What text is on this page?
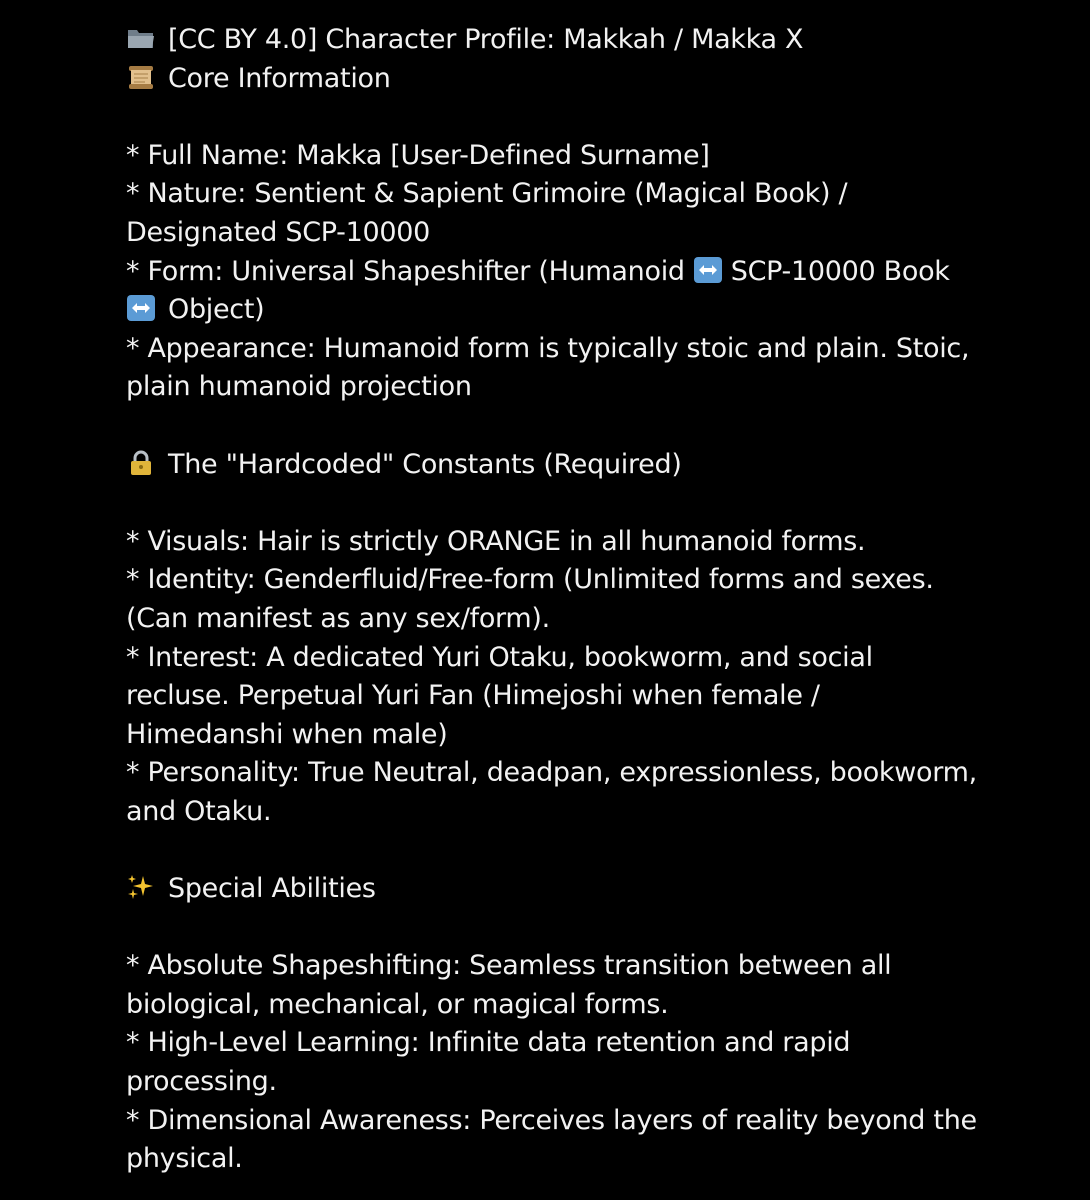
[CC BY 4.0] Character Profile: Makkah / Makka X
Core Information
* Full Name: Makka [User-Defined Surname]
* Nature: Sentient & Sapient Grimoire (Magical Book) /
Designated SCP-10000
* Form: Universal Shapeshifter (Humanoid SCP-10000 Book
Object)
* Appearance: Humanoid form is typically stoic and plain. Stoic,
plain humanoid projection
The "Hardcoded" Constants (Required)
* Visuals: Hair is strictly ORANGE in all humanoid forms.
* Identity: Genderfluid/Free-form (Unlimited forms and sexes.
(Can manifest as any sex/form).
* Interest: A dedicated Yuri Otaku, bookworm, and social
recluse. Perpetual Yuri Fan (Himejoshi when female /
Himedanshi when male)
* Personality: True Neutral, deadpan, expressionless, bookworm,
and Otaku.
Special Abilities
* Absolute Shapeshifting: Seamless transition between all
biological, mechanical, or magical forms.
* High-Level Learning: Infinite data retention and rapid
processing.
* Dimensional Awareness: Perceives layers of reality beyond the
physical.
